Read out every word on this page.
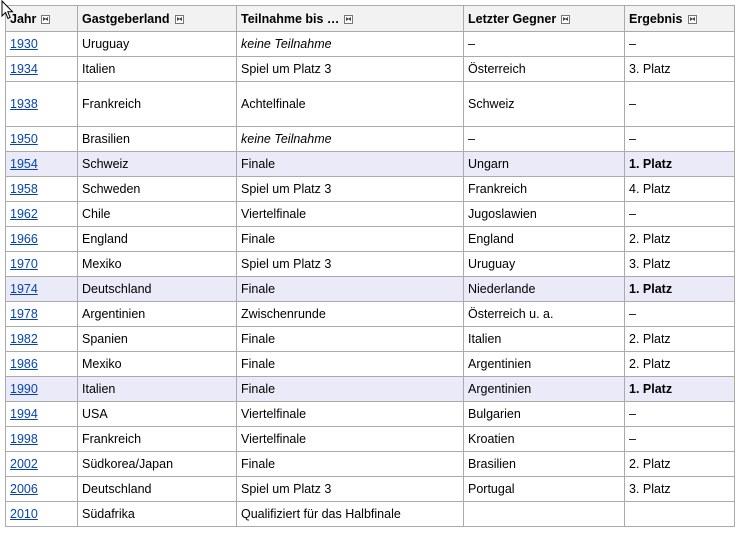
Jahr	Gastgeberland	Teilnahme bis …	Letzter Gegner	Ergebnis
1930	Uruguay	keine Teilnahme	–	–
1934	Italien	Spiel um Platz 3	Österreich	3. Platz
1938	Frankreich	Achtelfinale	Schweiz	–
1950	Brasilien	keine Teilnahme	–	–
1954	Schweiz	Finale	Ungarn	1. Platz
1958	Schweden	Spiel um Platz 3	Frankreich	4. Platz
1962	Chile	Viertelfinale	Jugoslawien	–
1966	England	Finale	England	2. Platz
1970	Mexiko	Spiel um Platz 3	Uruguay	3. Platz
1974	Deutschland	Finale	Niederlande	1. Platz
1978	Argentinien	Zwischenrunde	Österreich u. a.	–
1982	Spanien	Finale	Italien	2. Platz
1986	Mexiko	Finale	Argentinien	2. Platz
1990	Italien	Finale	Argentinien	1. Platz
1994	USA	Viertelfinale	Bulgarien	–
1998	Frankreich	Viertelfinale	Kroatien	–
2002	Südkorea/Japan	Finale	Brasilien	2. Platz
2006	Deutschland	Spiel um Platz 3	Portugal	3. Platz
2010	Südafrika	Qualifiziert für das Halbfinale		
